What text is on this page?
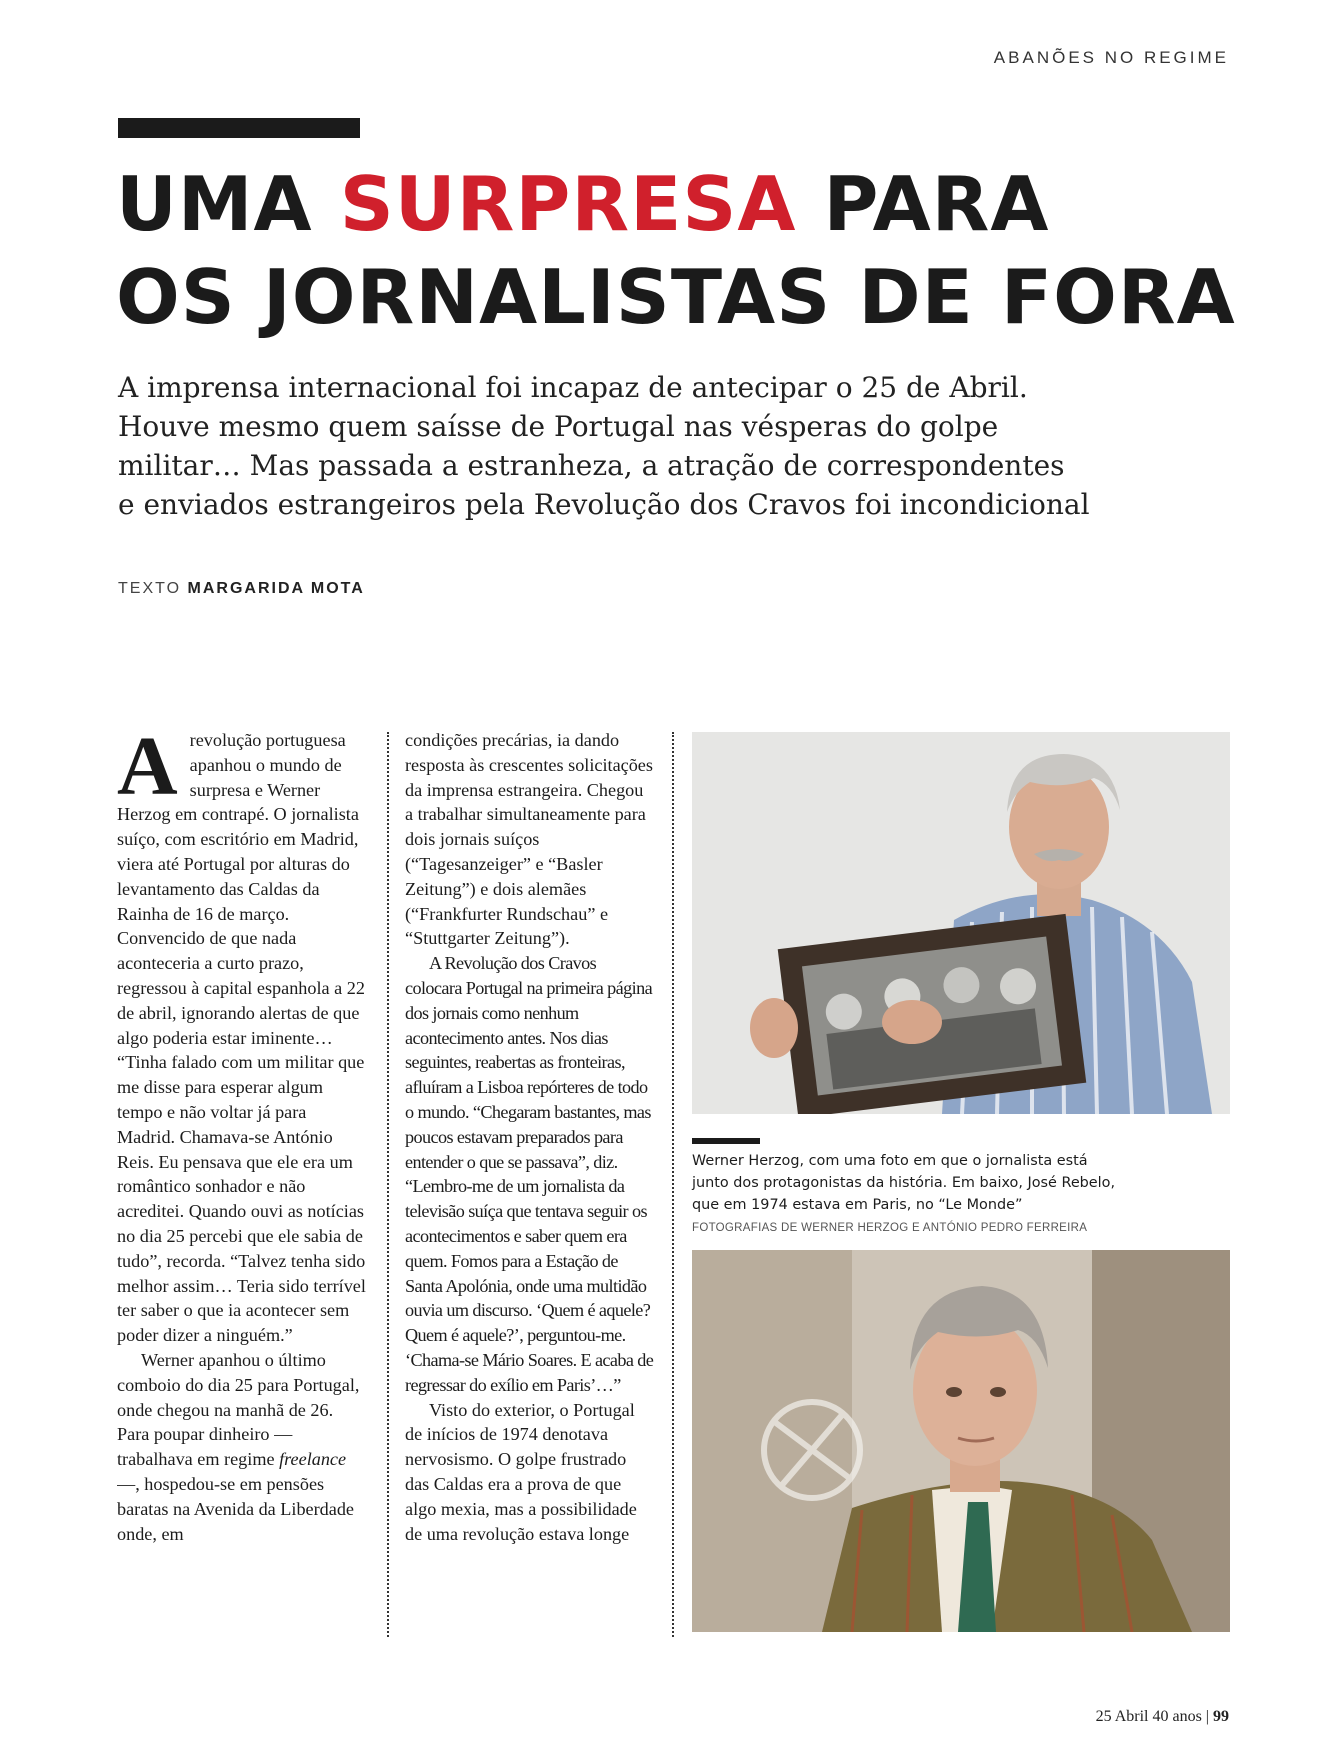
ABANÕES NO REGIME
UMA SURPRESA PARA
OS JORNALISTAS DE FORA

A imprensa internacional foi incapaz de antecipar o 25 de Abril.
Houve mesmo quem saísse de Portugal nas vésperas do golpe
militar… Mas passada a estranheza, a atração de correspondentes
e enviados estrangeiros pela Revolução dos Cravos foi incondicional

TEXTO MARGARIDA MOTA

Arevolução portuguesa apanhou o mundo de surpresa e Werner Herzog em contrapé. O jornalista suíço, com escritório em Madrid, viera até Portugal por alturas do levantamento das Caldas da Rainha de 16 de março. Convencido de que nada aconteceria a curto prazo, regressou à capital espanhola a 22 de abril, ignorando alertas de que algo poderia estar iminente… “Tinha falado com um militar que me disse para esperar algum tempo e não voltar já para Madrid. Chamava-se António Reis. Eu pensava que ele era um romântico sonhador e não acreditei. Quando ouvi as notícias no dia 25 percebi que ele sabia de tudo”, recorda. “Talvez tenha sido melhor assim… Teria sido terrível ter saber o que ia acontecer sem poder dizer a ninguém.”

Werner apanhou o último comboio do dia 25 para Portugal, onde chegou na manhã de 26. Para poupar dinheiro — trabalhava em regime freelance —, hospedou-se em pensões baratas na Avenida da Liberdade onde, em

condições precárias, ia dando resposta às crescentes solicitações da imprensa estrangeira. Chegou a trabalhar simultaneamente para dois jornais suíços (“Tagesanzeiger” e “Basler Zeitung”) e dois alemães (“Frankfurter Rundschau” e “Stuttgarter Zeitung”).

A Revolução dos Cravos colocara Portugal na primeira página dos jornais como nenhum acontecimento antes. Nos dias seguintes, reabertas as fronteiras, afluíram a Lisboa repórteres de todo o mundo. “Chegaram bastantes, mas poucos estavam preparados para entender o que se passava”, diz. “Lembro-me de um jornalista da televisão suíça que tentava seguir os acontecimentos e saber quem era quem. Fomos para a Estação de Santa Apolónia, onde uma multidão ouvia um discurso. ‘Quem é aquele? Quem é aquele?’, perguntou-me. ‘Chama-se Mário Soares. E acaba de regressar do exílio em Paris’…”

Visto do exterior, o Portugal de inícios de 1974 denotava nervosismo. O golpe frustrado das Caldas era a prova de que algo mexia, mas a possibilidade de uma revolução estava longe

Werner Herzog, com uma foto em que o jornalista está junto dos protagonistas da história. Em baixo, José Rebelo, que em 1974 estava em Paris, no “Le Monde”

FOTOGRAFIAS DE WERNER HERZOG E ANTÓNIO PEDRO FERREIRA

25 Abril 40 anos | 99
